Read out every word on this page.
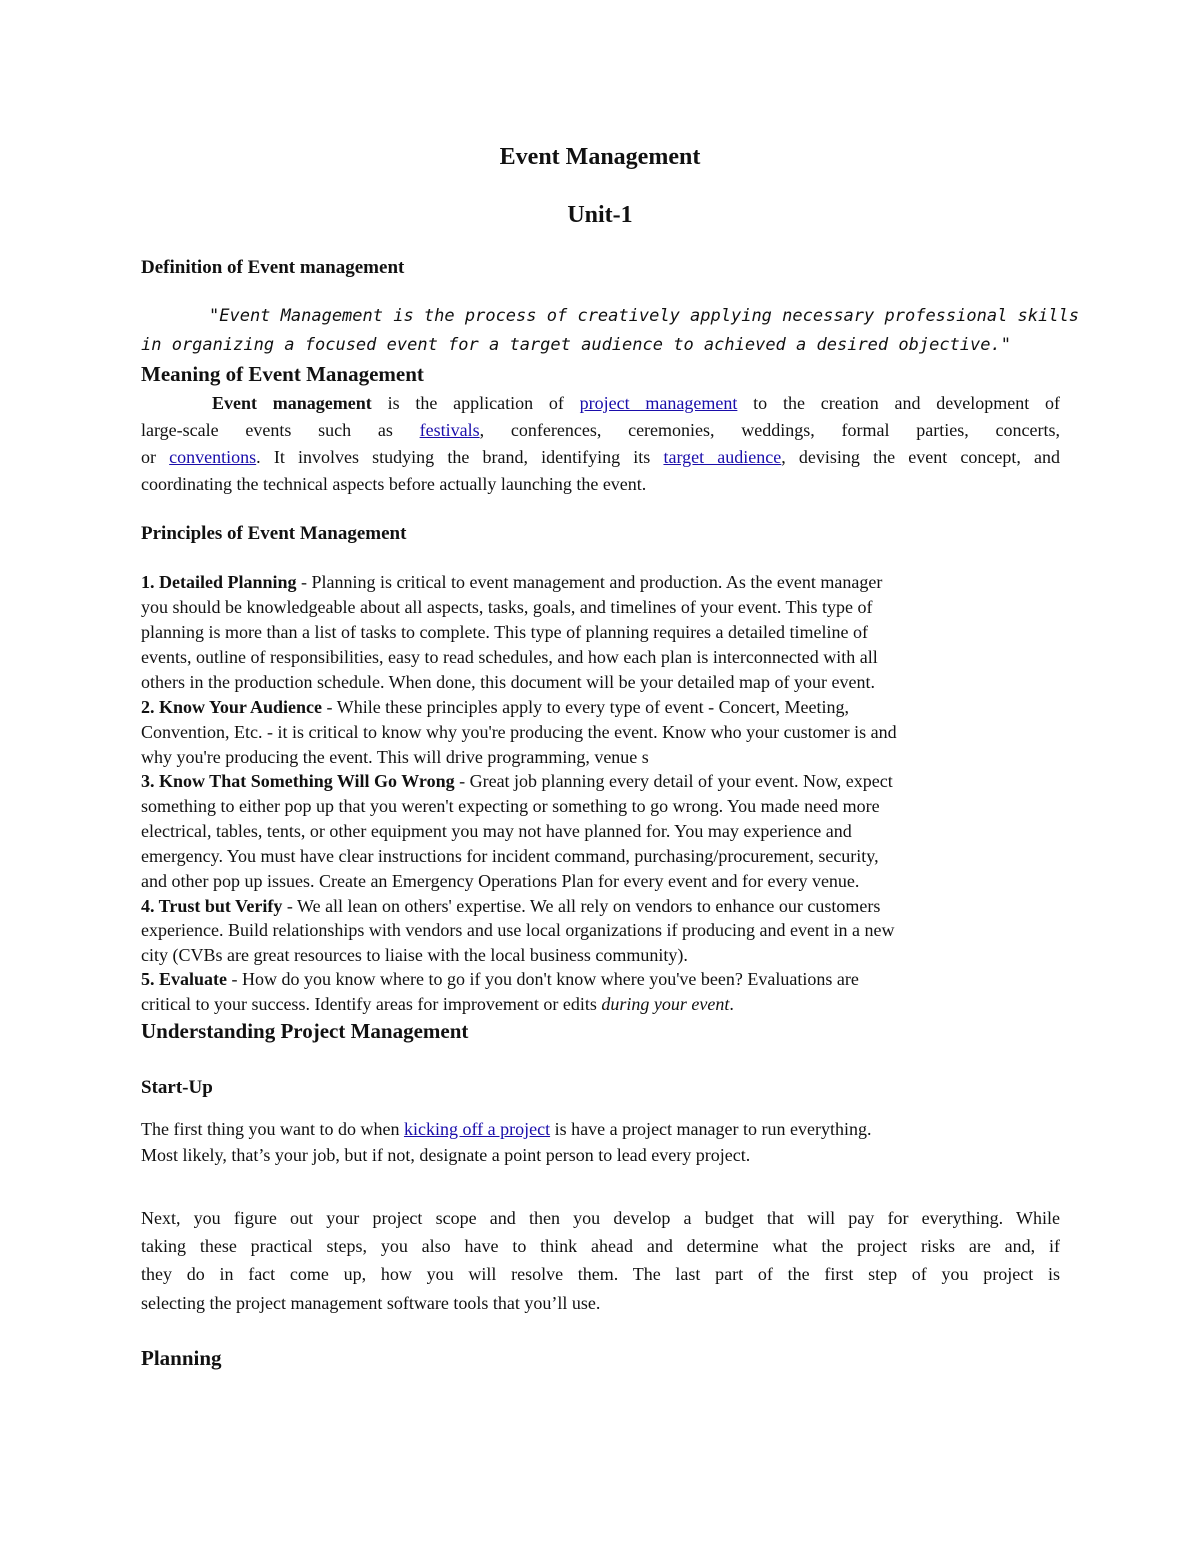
Event Management
Unit-1
Definition of Event management
"Event Management is the process of creatively applying necessary professional skills
in organizing a focused event for a target audience to achieved a desired objective."
Meaning of Event Management
Event management is the application of project management to the creation and development of
large-scale events such as festivals, conferences, ceremonies, weddings, formal parties, concerts,
or conventions. It involves studying the brand, identifying its target audience, devising the event concept, and
coordinating the technical aspects before actually launching the event.
Principles of Event Management
1. Detailed Planning - Planning is critical to event management and production. As the event manager
you should be knowledgeable about all aspects, tasks, goals, and timelines of your event. This type of
planning is more than a list of tasks to complete. This type of planning requires a detailed timeline of
events, outline of responsibilities, easy to read schedules, and how each plan is interconnected with all
others in the production schedule. When done, this document will be your detailed map of your event.
2. Know Your Audience - While these principles apply to every type of event - Concert, Meeting,
Convention, Etc. - it is critical to know why you're producing the event. Know who your customer is and
why you're producing the event. This will drive programming, venue s
3. Know That Something Will Go Wrong - Great job planning every detail of your event. Now, expect
something to either pop up that you weren't expecting or something to go wrong. You made need more
electrical, tables, tents, or other equipment you may not have planned for. You may experience and
emergency. You must have clear instructions for incident command, purchasing/procurement, security,
and other pop up issues. Create an Emergency Operations Plan for every event and for every venue.
4. Trust but Verify - We all lean on others' expertise. We all rely on vendors to enhance our customers
experience. Build relationships with vendors and use local organizations if producing and event in a new
city (CVBs are great resources to liaise with the local business community).
5. Evaluate - How do you know where to go if you don't know where you've been? Evaluations are
critical to your success. Identify areas for improvement or edits during your event.
Understanding Project Management
Start-Up
The first thing you want to do when kicking off a project is have a project manager to run everything.
Most likely, that’s your job, but if not, designate a point person to lead every project.
Next, you figure out your project scope and then you develop a budget that will pay for everything. While
taking these practical steps, you also have to think ahead and determine what the project risks are and, if
they do in fact come up, how you will resolve them. The last part of the first step of you project is
selecting the project management software tools that you’ll use.
Planning
